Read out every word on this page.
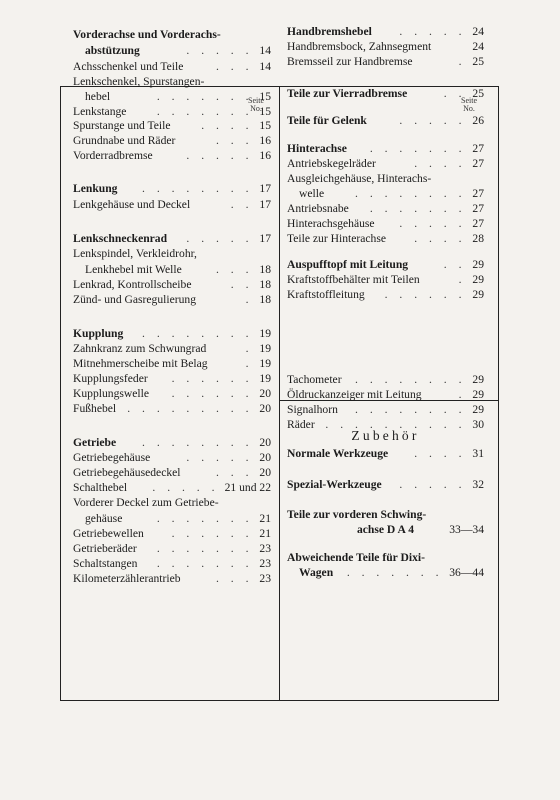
Seite
No.
Seite
No.
Vorderachse und Vorderachs-
abstützung	14
. . . . .
Achsschenkel und Teile	14
. . .
Lenkschenkel, Spurstangen-
hebel	15
. . . . . . .
Lenkstange	15
. . . . . . .
Spurstange und Teile	15
. . . .
Grundnabe und Räder	16
. . .
Vorderradbremse	16
. . . . .
Lenkung	17
. . . . . . . .
Lenkgehäuse und Deckel	17
. .
Lenkschneckenrad	17
. . . . .
Lenkspindel, Verkleidrohr,
Lenkhebel mit Welle	18
. . .
Lenkrad, Kontrollscheibe	18
. .
Zünd- und Gasregulierung	18
.
Kupplung	19
. . . . . . . .
Zahnkranz zum Schwungrad	19
.
Mitnehmerscheibe mit Belag	19
.
Kupplungsfeder	19
. . . . . .
Kupplungswelle	20
. . . . . .
Fußhebel	20
. . . . . . . . .
Getriebe	20
. . . . . . . .
Getriebegehäuse	20
. . . . .
Getriebegehäusedeckel	20
. . .
Schalthebel	21 und 22
. . . . .
Vorderer Deckel zum Getriebe-
gehäuse	21
. . . . . . .
Getriebewellen	21
. . . . . .
Getrieberäder	23
. . . . . . .
Schaltstangen	23
. . . . . . .
Kilometerzählerantrieb	23
. . .
Handbremshebel	24
. . . . .
Handbremsbock, Zahnsegment	24
Bremsseil zur Handbremse	25
.
Teile zur Vierradbremse	25
. .
Teile für Gelenk	26
. . . . .
Hinterachse	27
. . . . . . .
Antriebskegelräder	27
. . . .
Ausgleichgehäuse, Hinterachs-
welle	27
. . . . . . . .
Antriebsnabe	27
. . . . . . .
Hinterachsgehäuse	27
. . . . .
Teile zur Hinterachse	28
. . . .
Auspufftopf mit Leitung	29
. .
Kraftstoffbehälter mit Teilen	29
.
Kraftstoffleitung	29
. . . . . .
Tachometer	29
. . . . . . . .
Öldruckanzeiger mit Leitung	29
.
Signalhorn	29
. . . . . . . .
Räder	30
. . . . . . . . . .
Normale Werkzeuge	31
. . . .
Spezial-Werkzeuge	32
. . . . .
Teile zur vorderen Schwing-
achse D A 4	33—34
Abweichende Teile für Dixi-
Wagen	36—44
. . . . . . .
Zubehör
